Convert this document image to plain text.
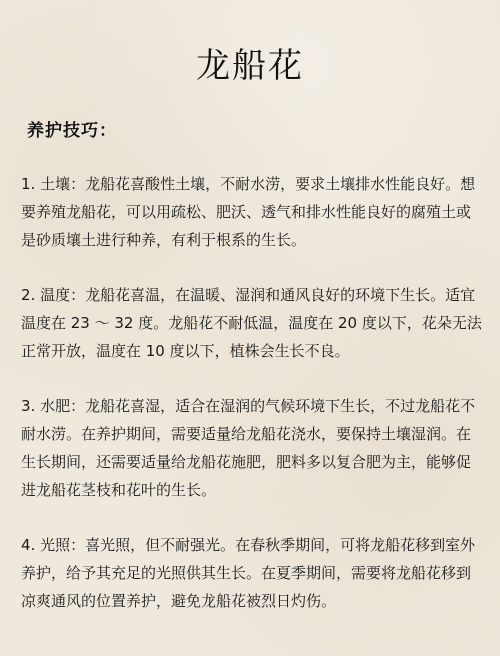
龙船花
养护技巧：

1. 土壤：龙船花喜酸性土壤，不耐水涝，要求土壤排水性能良好。想要养殖龙船花，可以用疏松、肥沃、透气和排水性能良好的腐殖土或是砂质壤土进行种养，有利于根系的生长。

2. 温度：龙船花喜温，在温暖、湿润和通风良好的环境下生长。适宜温度在 23 ～ 32 度。龙船花不耐低温，温度在 20 度以下，花朵无法正常开放，温度在 10 度以下，植株会生长不良。

3. 水肥：龙船花喜湿，适合在湿润的气候环境下生长，不过龙船花不耐水涝。在养护期间，需要适量给龙船花浇水，要保持土壤湿润。在生长期间，还需要适量给龙船花施肥，肥料多以复合肥为主，能够促进龙船花茎枝和花叶的生长。

4. 光照：喜光照，但不耐强光。在春秋季期间，可将龙船花移到室外养护，给予其充足的光照供其生长。在夏季期间，需要将龙船花移到凉爽通风的位置养护，避免龙船花被烈日灼伤。
